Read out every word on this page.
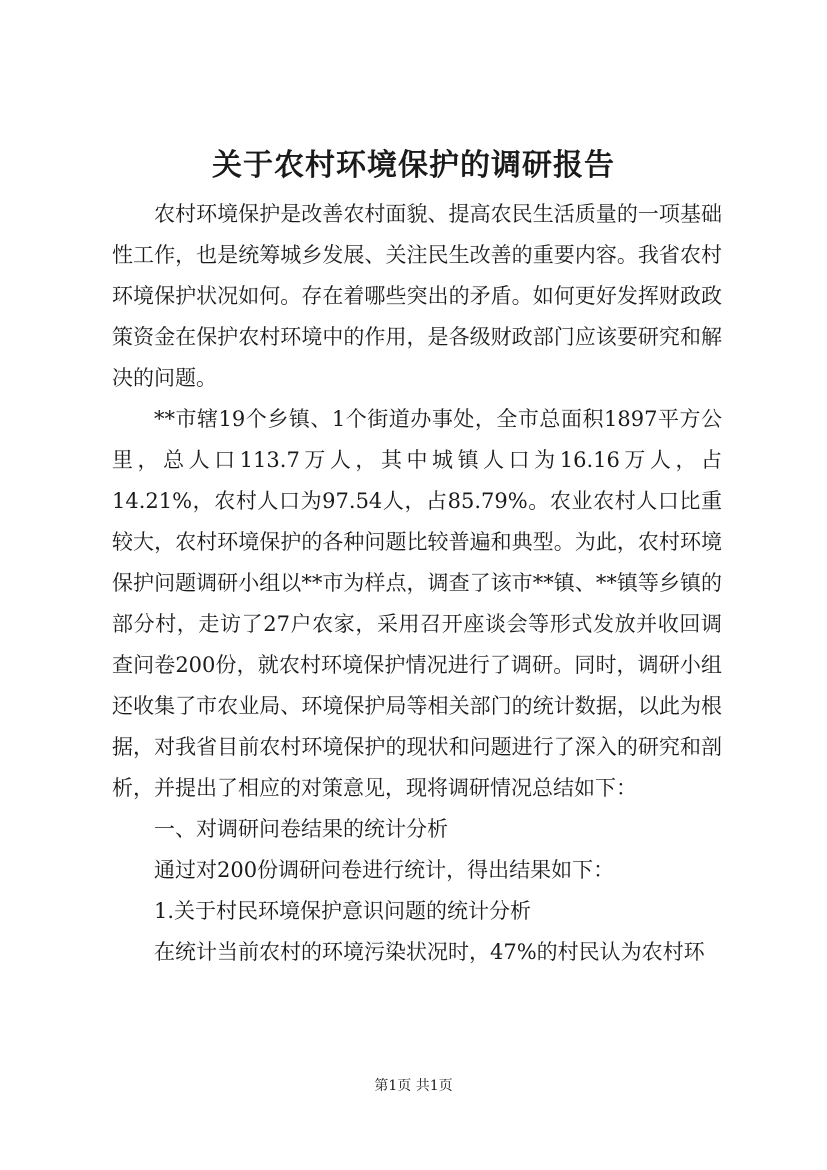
关于农村环境保护的调研报告

农村环境保护是改善农村面貌、提高农民生活质量的一项基础性工作，也是统筹城乡发展、关注民生改善的重要内容。我省农村环境保护状况如何。存在着哪些突出的矛盾。如何更好发挥财政政策资金在保护农村环境中的作用，是各级财政部门应该要研究和解决的问题。

**市辖19个乡镇、1个街道办事处，全市总面积1897平方公里，总人口113.7万人，其中城镇人口为16.16万人，占14.21%，农村人口为97.54人，占85.79%。农业农村人口比重较大，农村环境保护的各种问题比较普遍和典型。为此，农村环境保护问题调研小组以**市为样点，调查了该市**镇、**镇等乡镇的部分村，走访了27户农家，采用召开座谈会等形式发放并收回调查问卷200份，就农村环境保护情况进行了调研。同时，调研小组还收集了市农业局、环境保护局等相关部门的统计数据，以此为根据，对我省目前农村环境保护的现状和问题进行了深入的研究和剖析，并提出了相应的对策意见，现将调研情况总结如下：

一、对调研问卷结果的统计分析

通过对200份调研问卷进行统计，得出结果如下：

1.关于村民环境保护意识问题的统计分析

在统计当前农村的环境污染状况时，47%的村民认为农村环

第1页 共1页
